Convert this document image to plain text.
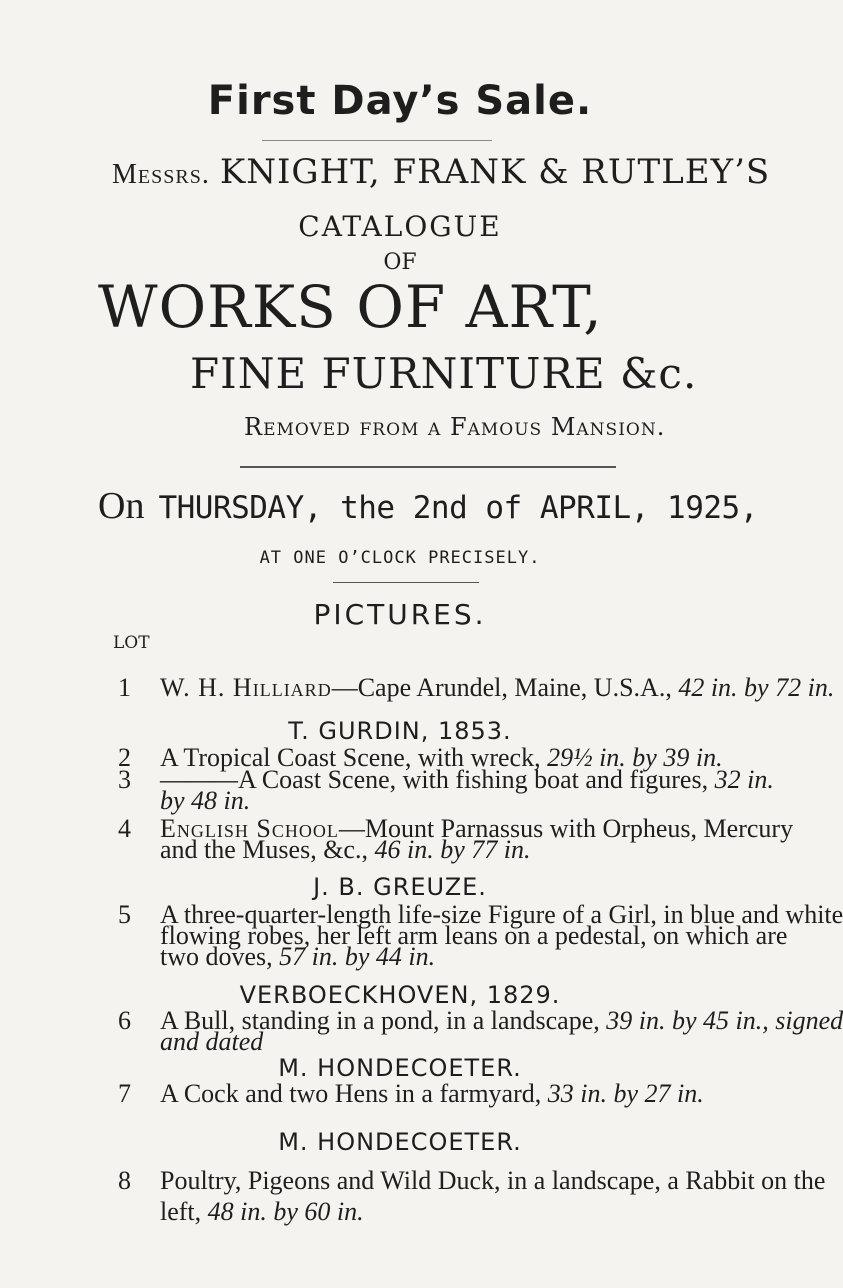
First Day’s Sale.
Messrs. KNIGHT, FRANK & RUTLEY’S
CATALOGUE
OF
WORKS OF ART,
FINE FURNITURE &c.
Removed from a Famous Mansion.
On THURSDAY, the 2nd of APRIL, 1925,
AT ONE O’CLOCK PRECISELY.
PICTURES.
LOT
1 W. H. Hilliard—Cape Arundel, Maine, U.S.A., 42 in. by 72 in.
T. GURDIN, 1853.
2 A Tropical Coast Scene, with wreck, 29½ in. by 39 in.
3 ———A Coast Scene, with fishing boat and figures, 32 in.
by 48 in.
4 English School—Mount Parnassus with Orpheus, Mercury
and the Muses, &c., 46 in. by 77 in.
J. B. GREUZE.
5 A three-quarter-length life-size Figure of a Girl, in blue and white
flowing robes, her left arm leans on a pedestal, on which are
two doves, 57 in. by 44 in.
VERBOECKHOVEN, 1829.
6 A Bull, standing in a pond, in a landscape, 39 in. by 45 in., signed
and dated
M. HONDECOETER.
7 A Cock and two Hens in a farmyard, 33 in. by 27 in.
M. HONDECOETER.
8 Poultry, Pigeons and Wild Duck, in a landscape, a Rabbit on the
left, 48 in. by 60 in.
